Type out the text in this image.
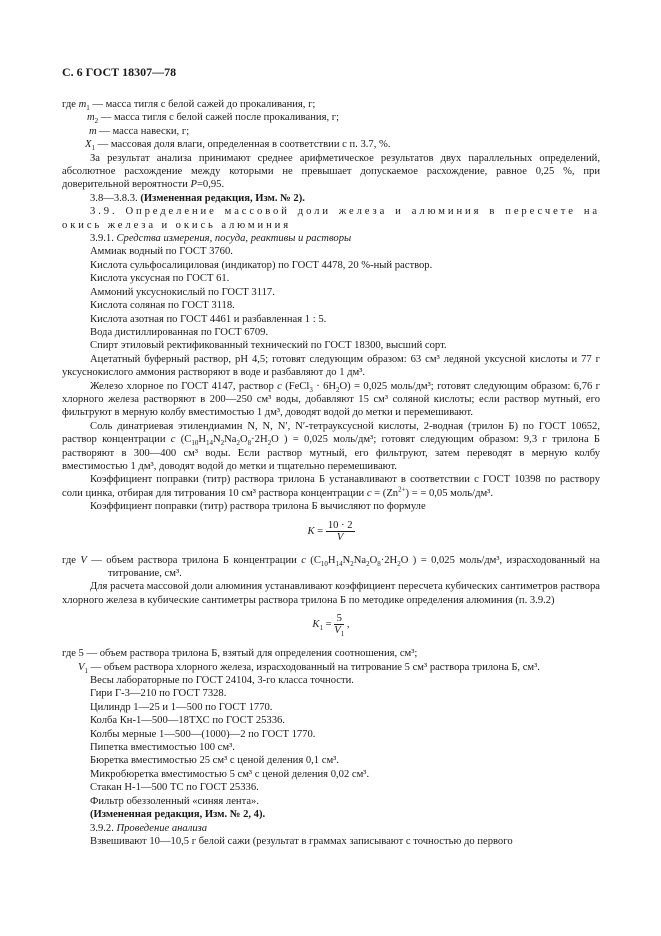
С. 6 ГОСТ 18307—78

где $m_1$ — масса тигля с белой сажей до прокаливания, г;

$m_2$ — масса тигля с белой сажей после прокаливания, г;

m — масса навески, г;

$X_1$ — массовая доля влаги, определенная в соответствии с п. 3.7, %.

За результат анализа принимают среднее арифметическое результатов двух параллельных определений, абсолютное расхождение между которыми не превышает допускаемое расхождение, равное 0,25 %, при доверительной вероятности P=0,95.

3.8—3.8.3. (Измененная редакция, Изм. № 2).

3.9. Определение массовой доли железа и алюминия в пересчете на окись железа и окись алюминия

3.9.1. Средства измерения, посуда, реактивы и растворы

Аммиак водный по ГОСТ 3760.

Кислота сульфосалициловая (индикатор) по ГОСТ 4478, 20 %-ный раствор.

Кислота уксусная по ГОСТ 61.

Аммоний уксуснокислый по ГОСТ 3117.

Кислота соляная по ГОСТ 3118.

Кислота азотная по ГОСТ 4461 и разбавленная 1 : 5.

Вода дистиллированная по ГОСТ 6709.

Спирт этиловый ректификованный технический по ГОСТ 18300, высший сорт.

Ацетатный буферный раствор, pH 4,5; готовят следующим образом: 63 см³ ледяной уксусной кислоты и 77 г уксуснокислого аммония растворяют в воде и разбавляют до 1 дм³.

Железо хлорное по ГОСТ 4147, раствор c (FeCl$_3$ · $6H_2O) = 0,025$ моль/дм³; готовят следующим образом: 6,76 г хлорного железа растворяют в 200—250 см³ воды, добавляют 15 см³ соляной кислоты; если раствор мутный, его фильтруют в мерную колбу вместимостью 1 дм³, доводят водой до метки и перемешивают.

Соль динатриевая этилендиамин N, N, N′, N′-тетрауксусной кислоты, 2-водная (трилон Б) по ГОСТ 10652, раствор концентрации c ($C_{10}H_{14}N_2Na_2O_8\cdot 2H_2O$ ) = 0,025 моль/дм³; готовят следующим образом: 9,3 г трилона Б растворяют в 300—400 см³ воды. Если раствор мутный, его фильтруют, затем переводят в мерную колбу вместимостью 1 дм³, доводят водой до метки и тщательно перемешивают.

Коэффициент поправки (титр) раствора трилона Б устанавливают в соответствии с ГОСТ 10398 по раствору соли цинка, отбирая для титрования 10 см³ раствора концентрации $c = (Zn^{2+})$ = = 0,05 моль/дм³.

Коэффициент поправки (титр) раствора трилона Б вычисляют по формуле

$K = \frac{10 \cdot 2}{V}$

где V — объем раствора трилона Б концентрации c ($C_{10}H_{14}N_2Na_2O_8\cdot 2H_2O$ ) = 0,025 моль/дм³, израсходованный на титрование, см³.

Для расчета массовой доли алюминия устанавливают коэффициент пересчета кубических сантиметров раствора хлорного железа в кубические сантиметры раствора трилона Б по методике определения алюминия (п. 3.9.2)

$K_1 = \frac{5}{V_1}$ ,

где 5 — объем раствора трилона Б, взятый для определения соотношения, см³;

$V_1$ — объем раствора хлорного железа, израсходованный на титрование 5 см³ раствора трилона Б, см³.

Весы лабораторные по ГОСТ 24104, 3-го класса точности.

Гири Г-3—210 по ГОСТ 7328.

Цилиндр 1—25 и 1—500 по ГОСТ 1770.

Колба Кн-1—500—18ТХС по ГОСТ 25336.

Колбы мерные 1—500—(1000)—2 по ГОСТ 1770.

Пипетка вместимостью 100 см³.

Бюретка вместимостью 25 см³ с ценой деления 0,1 см³.

Микробюретка вместимостью 5 см³ с ценой деления 0,02 см³.

Стакан Н-1—500 ТС по ГОСТ 25336.

Фильтр обеззоленный «синяя лента».

(Измененная редакция, Изм. № 2, 4).

3.9.2. Проведение анализа

Взвешивают 10—10,5 г белой сажи (результат в граммах записывают с точностью до первого
